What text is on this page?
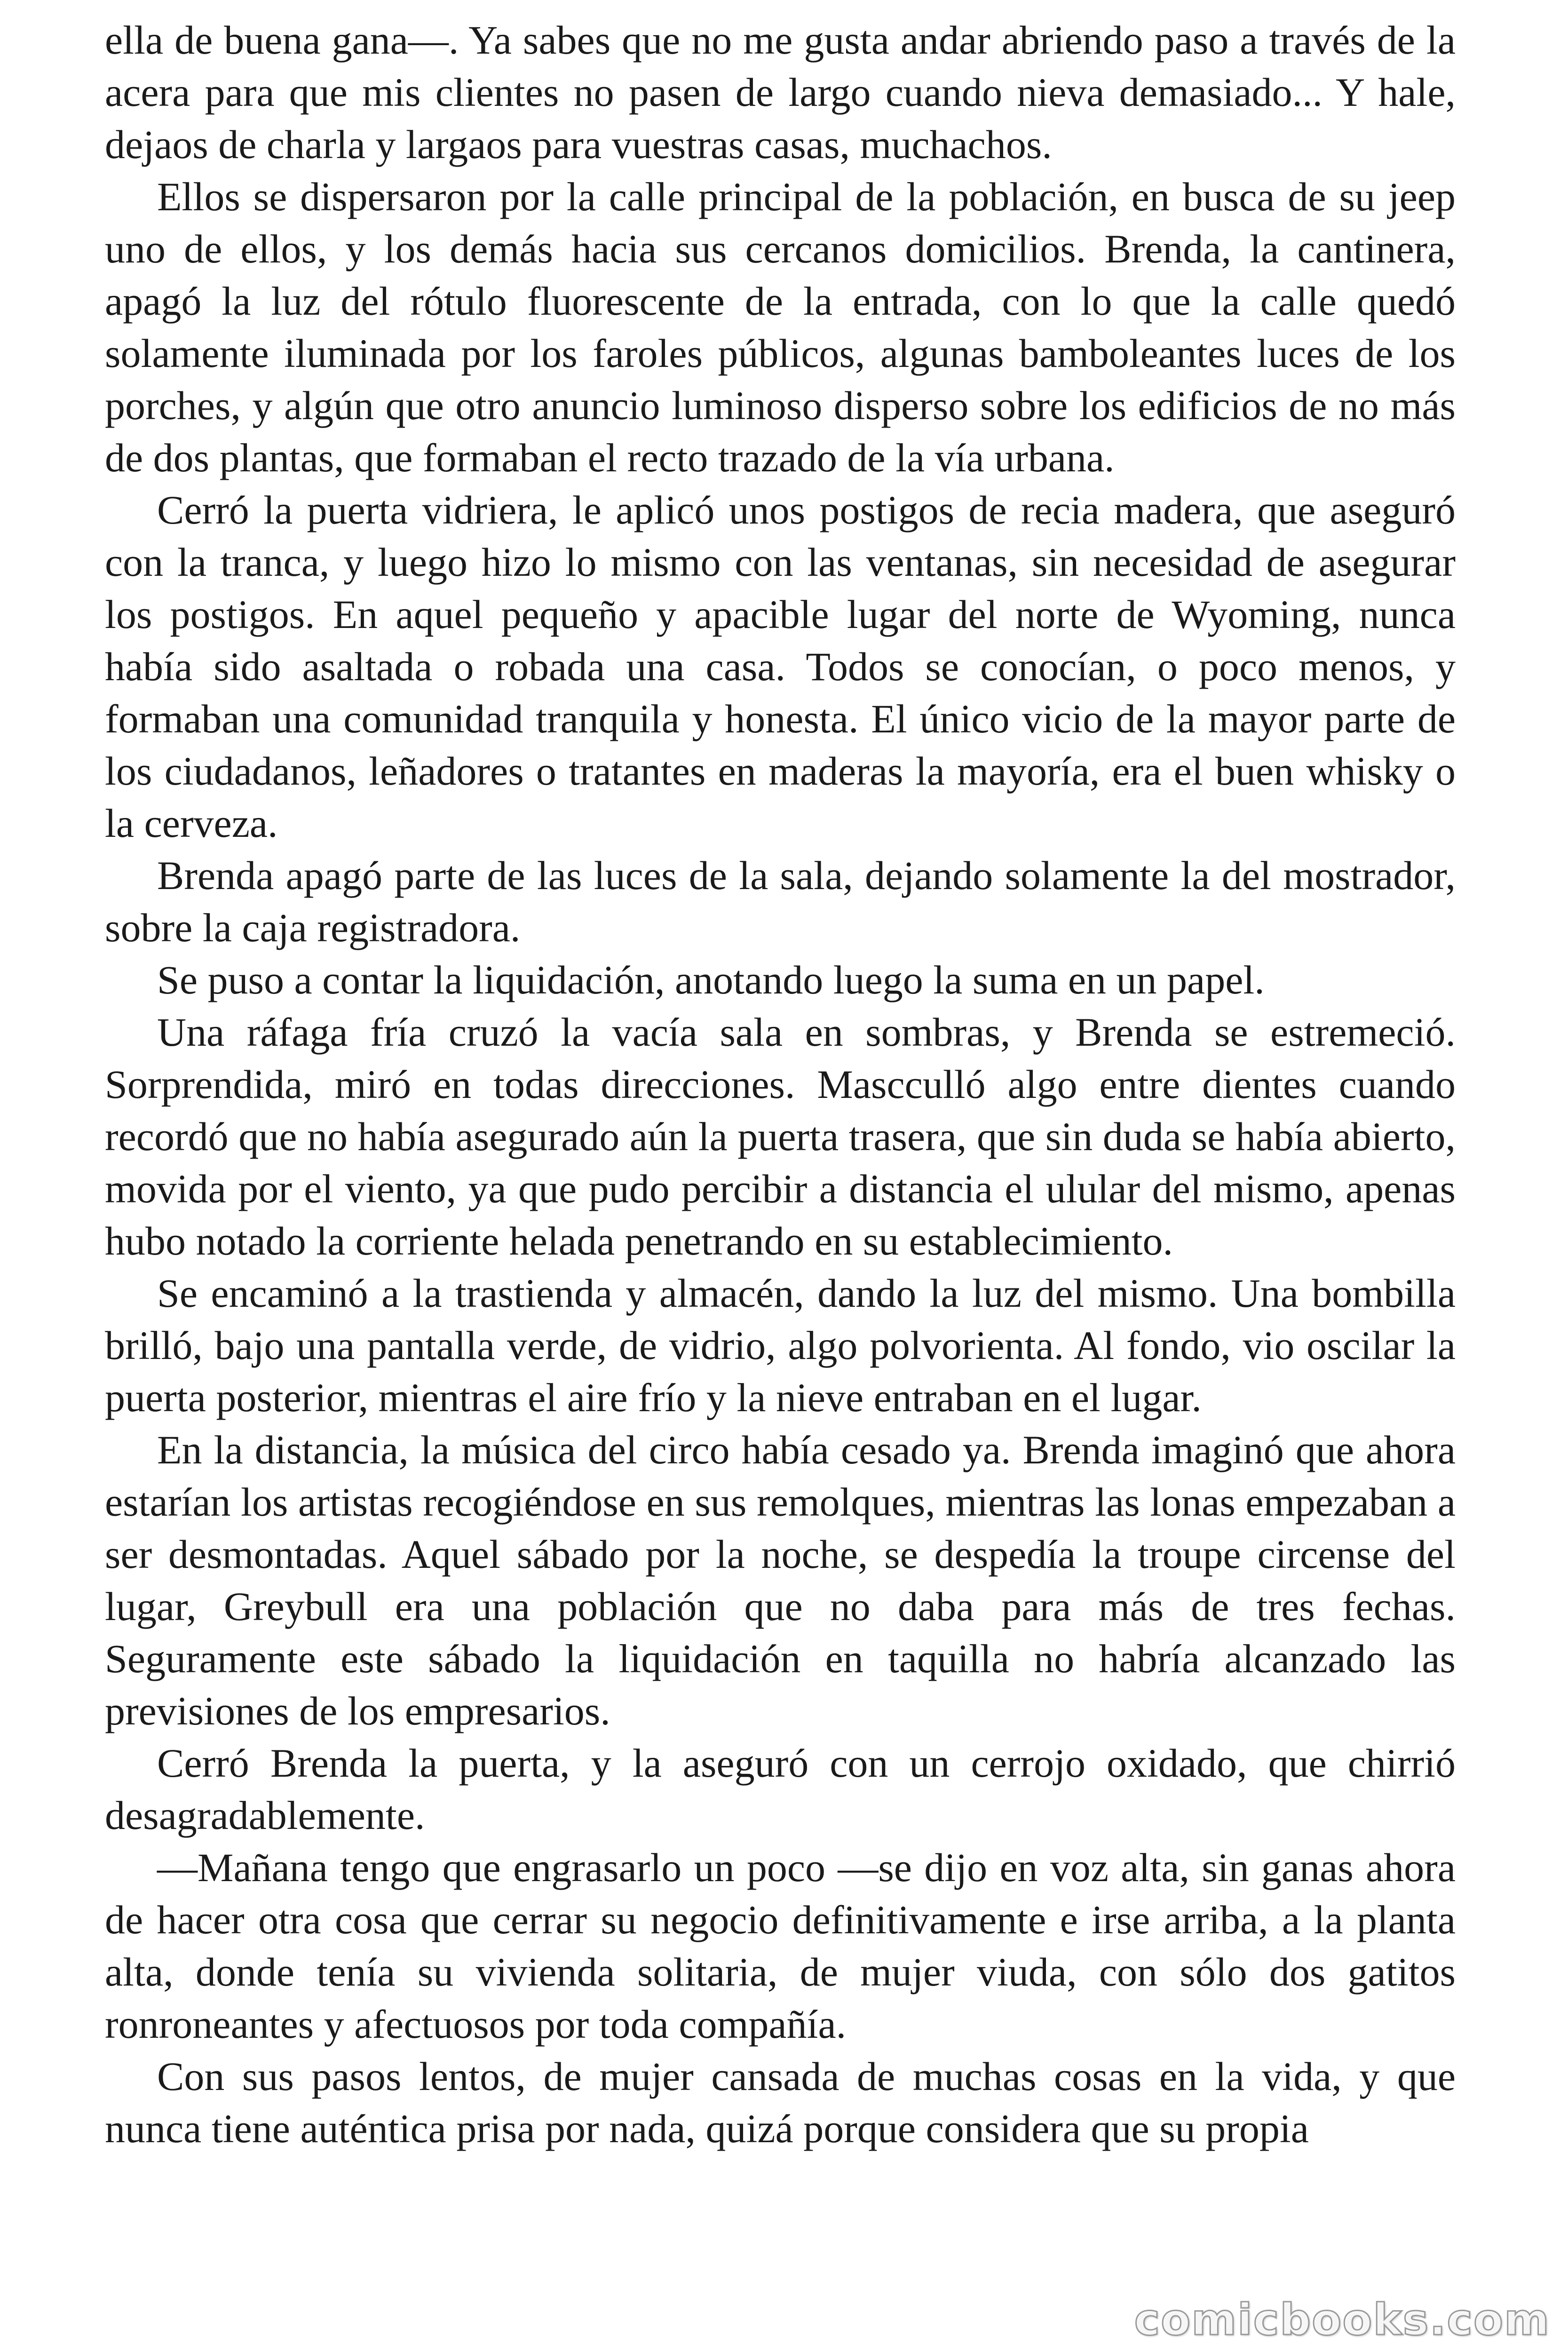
ella de buena gana—. Ya sabes que no me gusta andar abriendo paso a través de la acera para que mis clientes no pasen de largo cuando nieva demasiado... Y hale, dejaos de charla y largaos para vuestras casas, muchachos.

Ellos se dispersaron por la calle principal de la población, en busca de su jeep uno de ellos, y los demás hacia sus cercanos domicilios. Brenda, la cantinera, apagó la luz del rótulo fluorescente de la entrada, con lo que la calle quedó solamente iluminada por los faroles públicos, algunas bamboleantes luces de los porches, y algún que otro anuncio luminoso disperso sobre los edificios de no más de dos plantas, que formaban el recto trazado de la vía urbana.

Cerró la puerta vidriera, le aplicó unos postigos de recia madera, que aseguró con la tranca, y luego hizo lo mismo con las ventanas, sin necesidad de asegurar los postigos. En aquel pequeño y apacible lugar del norte de Wyoming, nunca había sido asaltada o robada una casa. Todos se conocían, o poco menos, y formaban una comunidad tranquila y honesta. El único vicio de la mayor parte de los ciudadanos, leñadores o tratantes en maderas la mayoría, era el buen whisky o la cerveza.

Brenda apagó parte de las luces de la sala, dejando solamente la del mostrador, sobre la caja registradora.

Se puso a contar la liquidación, anotando luego la suma en un papel.

Una ráfaga fría cruzó la vacía sala en sombras, y Brenda se estremeció. Sorprendida, miró en todas direcciones. Mascculló algo entre dientes cuando recordó que no había asegurado aún la puerta trasera, que sin duda se había abierto, movida por el viento, ya que pudo percibir a distancia el ulular del mismo, apenas hubo notado la corriente helada penetrando en su establecimiento.

Se encaminó a la trastienda y almacén, dando la luz del mismo. Una bombilla brilló, bajo una pantalla verde, de vidrio, algo polvorienta. Al fondo, vio oscilar la puerta posterior, mientras el aire frío y la nieve entraban en el lugar.

En la distancia, la música del circo había cesado ya. Brenda imaginó que ahora estarían los artistas recogiéndose en sus remolques, mientras las lonas empezaban a ser desmontadas. Aquel sábado por la noche, se despedía la troupe circense del lugar, Greybull era una población que no daba para más de tres fechas. Seguramente este sábado la liquidación en taquilla no habría alcanzado las previsiones de los empresarios.

Cerró Brenda la puerta, y la aseguró con un cerrojo oxidado, que chirrió desagradablemente.

—Mañana tengo que engrasarlo un poco —se dijo en voz alta, sin ganas ahora de hacer otra cosa que cerrar su negocio definitivamente e irse arriba, a la planta alta, donde tenía su vivienda solitaria, de mujer viuda, con sólo dos gatitos ronroneantes y afectuosos por toda compañía.

Con sus pasos lentos, de mujer cansada de muchas cosas en la vida, y que nunca tiene auténtica prisa por nada, quizá porque considera que su propia

comicbooks.com
